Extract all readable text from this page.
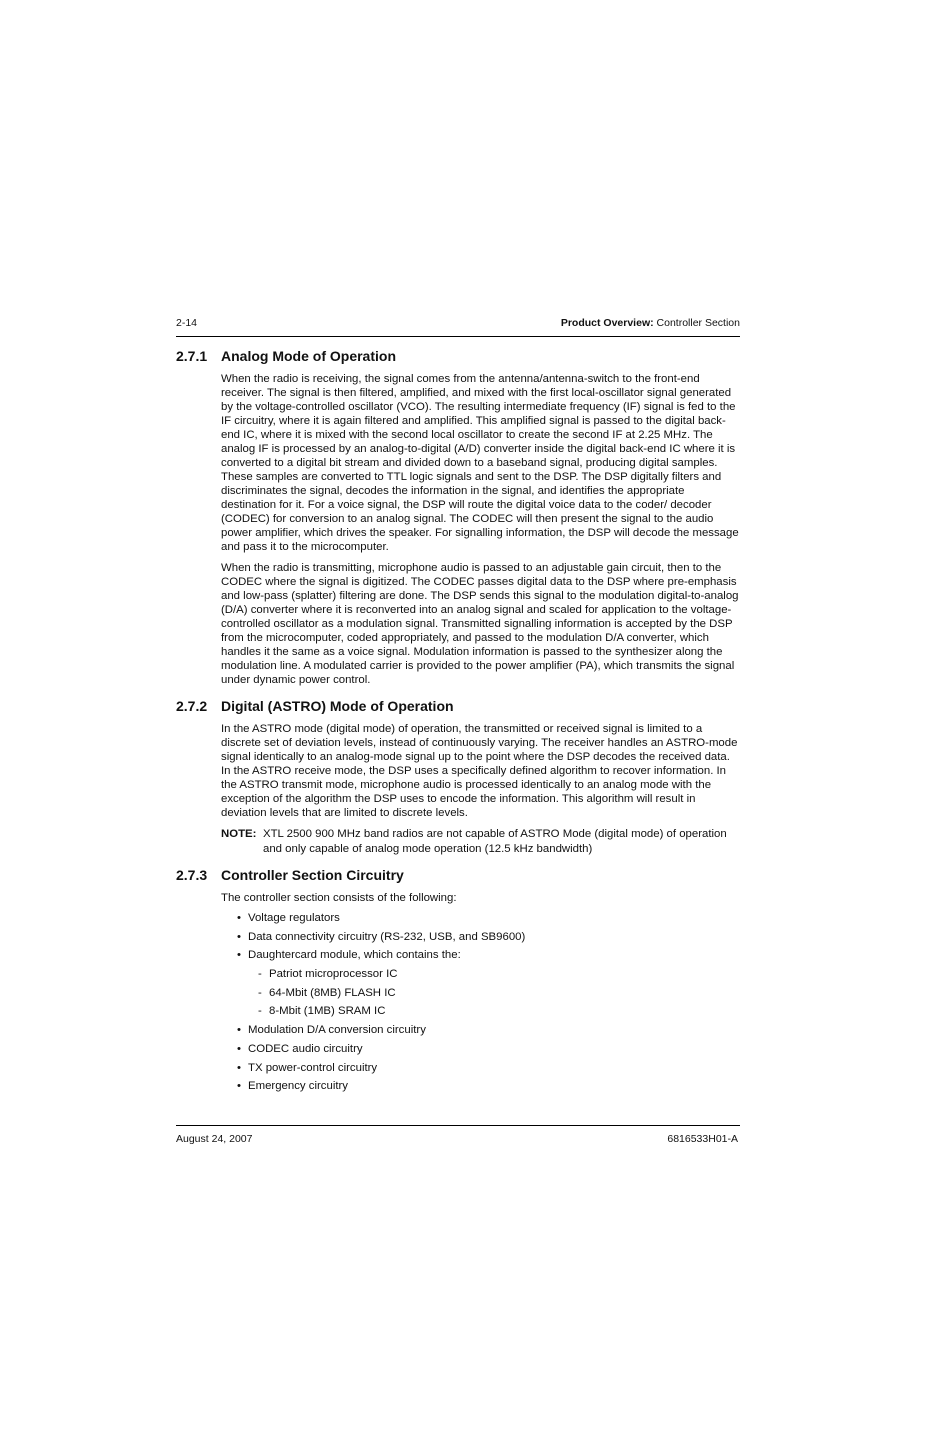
2-14	Product Overview: Controller Section
2.7.1 Analog Mode of Operation

When the radio is receiving, the signal comes from the antenna/antenna-switch to the front-end receiver. The signal is then filtered, amplified, and mixed with the first local-oscillator signal generated by the voltage-controlled oscillator (VCO). The resulting intermediate frequency (IF) signal is fed to the IF circuitry, where it is again filtered and amplified. This amplified signal is passed to the digital back-end IC, where it is mixed with the second local oscillator to create the second IF at 2.25 MHz. The analog IF is processed by an analog-to-digital (A/D) converter inside the digital back-end IC where it is converted to a digital bit stream and divided down to a baseband signal, producing digital samples. These samples are converted to TTL logic signals and sent to the DSP. The DSP digitally filters and discriminates the signal, decodes the information in the signal, and identifies the appropriate destination for it. For a voice signal, the DSP will route the digital voice data to the coder/ decoder (CODEC) for conversion to an analog signal. The CODEC will then present the signal to the audio power amplifier, which drives the speaker. For signalling information, the DSP will decode the message and pass it to the microcomputer.

When the radio is transmitting, microphone audio is passed to an adjustable gain circuit, then to the CODEC where the signal is digitized. The CODEC passes digital data to the DSP where pre-emphasis and low-pass (splatter) filtering are done. The DSP sends this signal to the modulation digital-to-analog (D/A) converter where it is reconverted into an analog signal and scaled for application to the voltage-controlled oscillator as a modulation signal. Transmitted signalling information is accepted by the DSP from the microcomputer, coded appropriately, and passed to the modulation D/A converter, which handles it the same as a voice signal. Modulation information is passed to the synthesizer along the modulation line. A modulated carrier is provided to the power amplifier (PA), which transmits the signal under dynamic power control.

2.7.2 Digital (ASTRO) Mode of Operation

In the ASTRO mode (digital mode) of operation, the transmitted or received signal is limited to a discrete set of deviation levels, instead of continuously varying. The receiver handles an ASTRO-mode signal identically to an analog-mode signal up to the point where the DSP decodes the received data. In the ASTRO receive mode, the DSP uses a specifically defined algorithm to recover information. In the ASTRO transmit mode, microphone audio is processed identically to an analog mode with the exception of the algorithm the DSP uses to encode the information. This algorithm will result in deviation levels that are limited to discrete levels.

NOTE: XTL 2500 900 MHz band radios are not capable of ASTRO Mode (digital mode) of operation and only capable of analog mode operation (12.5 kHz bandwidth)
2.7.3 Controller Section Circuitry

The controller section consists of the following:

• Voltage regulators
• Data connectivity circuitry (RS-232, USB, and SB9600)
• Daughtercard module, which contains the:
- Patriot microprocessor IC
- 64-Mbit (8MB) FLASH IC
- 8-Mbit (1MB) SRAM IC
• Modulation D/A conversion circuitry
• CODEC audio circuitry
• TX power-control circuitry
• Emergency circuitry
August 24, 2007	6816533H01-A
